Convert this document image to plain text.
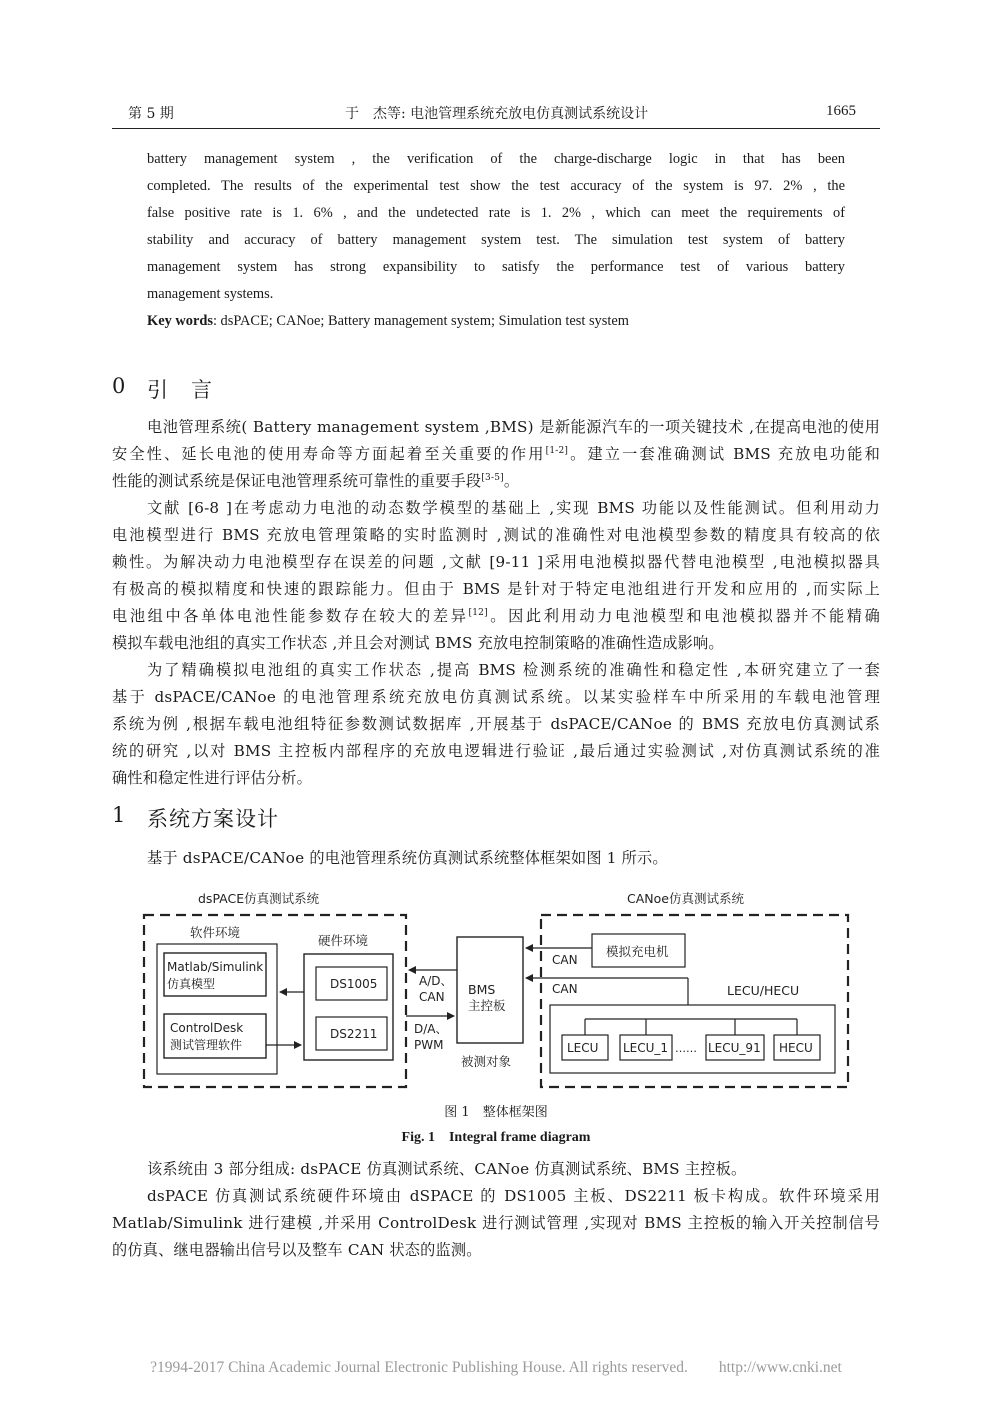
第 5 期	于　杰等: 电池管理系统充放电仿真测试系统设计	1665
battery management system , the verification of the charge-discharge logic in that has been
completed. The results of the experimental test show the test accuracy of the system is 97. 2% , the
false positive rate is 1. 6% , and the undetected rate is 1. 2% , which can meet the requirements of
stability and accuracy of battery management system test. The simulation test system of battery
management system has strong expansibility to satisfy the performance test of various battery
management systems.
Key words: dsPACE; CANoe; Battery management system; Simulation test system
0 引　言
电池管理系统( Battery management system ,BMS) 是新能源汽车的一项关键技术 ,在提高电池的使用
安全性、延长电池的使用寿命等方面起着至关重要的作用[1-2]。建立一套准确测试 BMS 充放电功能和
性能的测试系统是保证电池管理系统可靠性的重要手段[3-5]。
文献 [6-8 ]在考虑动力电池的动态数学模型的基础上 ,实现 BMS 功能以及性能测试。但利用动力
电池模型进行 BMS 充放电管理策略的实时监测时 ,测试的准确性对电池模型参数的精度具有较高的依
赖性。为解决动力电池模型存在误差的问题 ,文献 [9-11 ]采用电池模拟器代替电池模型 ,电池模拟器具
有极高的模拟精度和快速的跟踪能力。但由于 BMS 是针对于特定电池组进行开发和应用的 ,而实际上
电池组中各单体电池性能参数存在较大的差异[12]。因此利用动力电池模型和电池模拟器并不能精确
模拟车载电池组的真实工作状态 ,并且会对测试 BMS 充放电控制策略的准确性造成影响。
为了精确模拟电池组的真实工作状态 ,提高 BMS 检测系统的准确性和稳定性 ,本研究建立了一套
基于 dsPACE/CANoe 的电池管理系统充放电仿真测试系统。以某实验样车中所采用的车载电池管理
系统为例 ,根据车载电池组特征参数测试数据库 ,开展基于 dsPACE/CANoe 的 BMS 充放电仿真测试系
统的研究 ,以对 BMS 主控板内部程序的充放电逻辑进行验证 ,最后通过实验测试 ,对仿真测试系统的准
确性和稳定性进行评估分析。
1 系统方案设计
基于 dsPACE/CANoe 的电池管理系统仿真测试系统整体框架如图 1 所示。
dsPACE仿真测试系统	CANoe仿真测试系统
软件环境
Matlab/Simulink
仿真模型
ControlDesk
测试管理软件
硬件环境
DS1005
DS2211
BMS
主控板
被测对象
A/D、
CAN
D/A、
PWM
CAN
CAN
模拟充电机
LECU/HECU
LECU LECU_1 …… LECU_91 HECU
图 1　整体框架图
Fig. 1　Integral frame diagram
该系统由 3 部分组成: dsPACE 仿真测试系统、CANoe 仿真测试系统、BMS 主控板。
dsPACE 仿真测试系统硬件环境由 dSPACE 的 DS1005 主板、DS2211 板卡构成。软件环境采用
Matlab/Simulink 进行建模 ,并采用 ControlDesk 进行测试管理 ,实现对 BMS 主控板的输入开关控制信号
的仿真、继电器输出信号以及整车 CAN 状态的监测。
?1994-2017 China Academic Journal Electronic Publishing House. All rights reserved.　　http://www.cnki.net
